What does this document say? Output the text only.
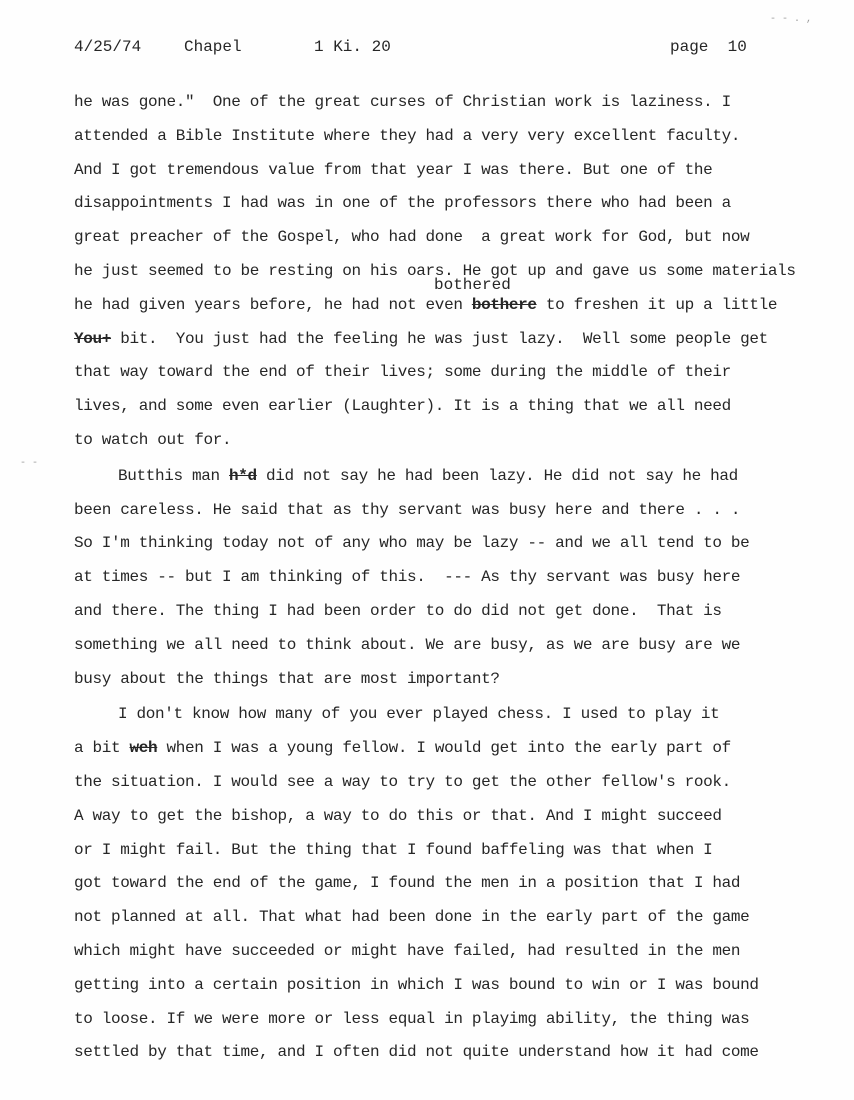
4/25/74

	Chapel

	1 Ki. 20

	page  10

bothered
- - . ,
- -
he was gone."  One of the great curses of Christian work is laziness. I
attended a Bible Institute where they had a very very excellent faculty.
And I got tremendous value from that year I was there. But one of the
disappointments I had was in one of the professors there who had been a
great preacher of the Gospel, who had done  a great work for God, but now
he just seemed to be resting on his oars. He got up and gave us some materials
he had given years before, he had not even bothere to freshen it up a little
You+ bit.  You just had the feeling he was just lazy.  Well some people get
that way toward the end of their lives; some during the middle of their
lives, and some even earlier (Laughter). It is a thing that we all need
to watch out for.
Butthis man h*d did not say he had been lazy. He did not say he had
been careless. He said that as thy servant was busy here and there . . .
So I'm thinking today not of any who may be lazy -- and we all tend to be
at times -- but I am thinking of this.  --- As thy servant was busy here
and there. The thing I had been order to do did not get done.  That is
something we all need to think about. We are busy, as we are busy are we
busy about the things that are most important?
I don't know how many of you ever played chess. I used to play it
a bit weh when I was a young fellow. I would get into the early part of
the situation. I would see a way to try to get the other fellow's rook.
A way to get the bishop, a way to do this or that. And I might succeed
or I might fail. But the thing that I found baffeling was that when I
got toward the end of the game, I found the men in a position that I had
not planned at all. That what had been done in the early part of the game
which might have succeeded or might have failed, had resulted in the men
getting into a certain position in which I was bound to win or I was bound
to loose. If we were more or less equal in playimg ability, the thing was
settled by that time, and I often did not quite understand how it had come
